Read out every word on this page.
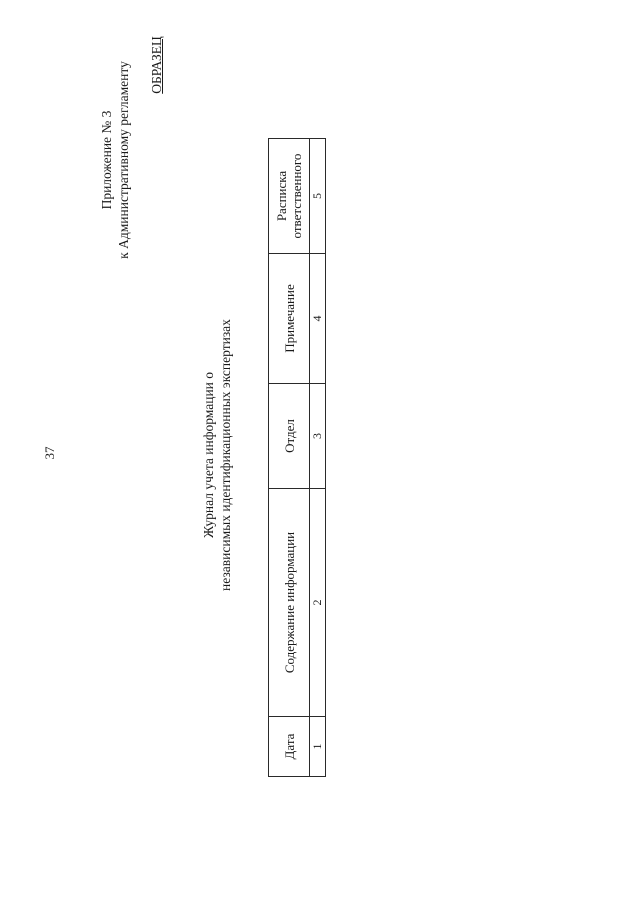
37
Приложение № 3 к Административному регламенту ОБРАЗЕЦ
Журнал учета информации о независимых идентификационных экспертизах
Дата	Содержание информации	Отдел	Примечание	Расписка ответственного
1	2	3	4	5
